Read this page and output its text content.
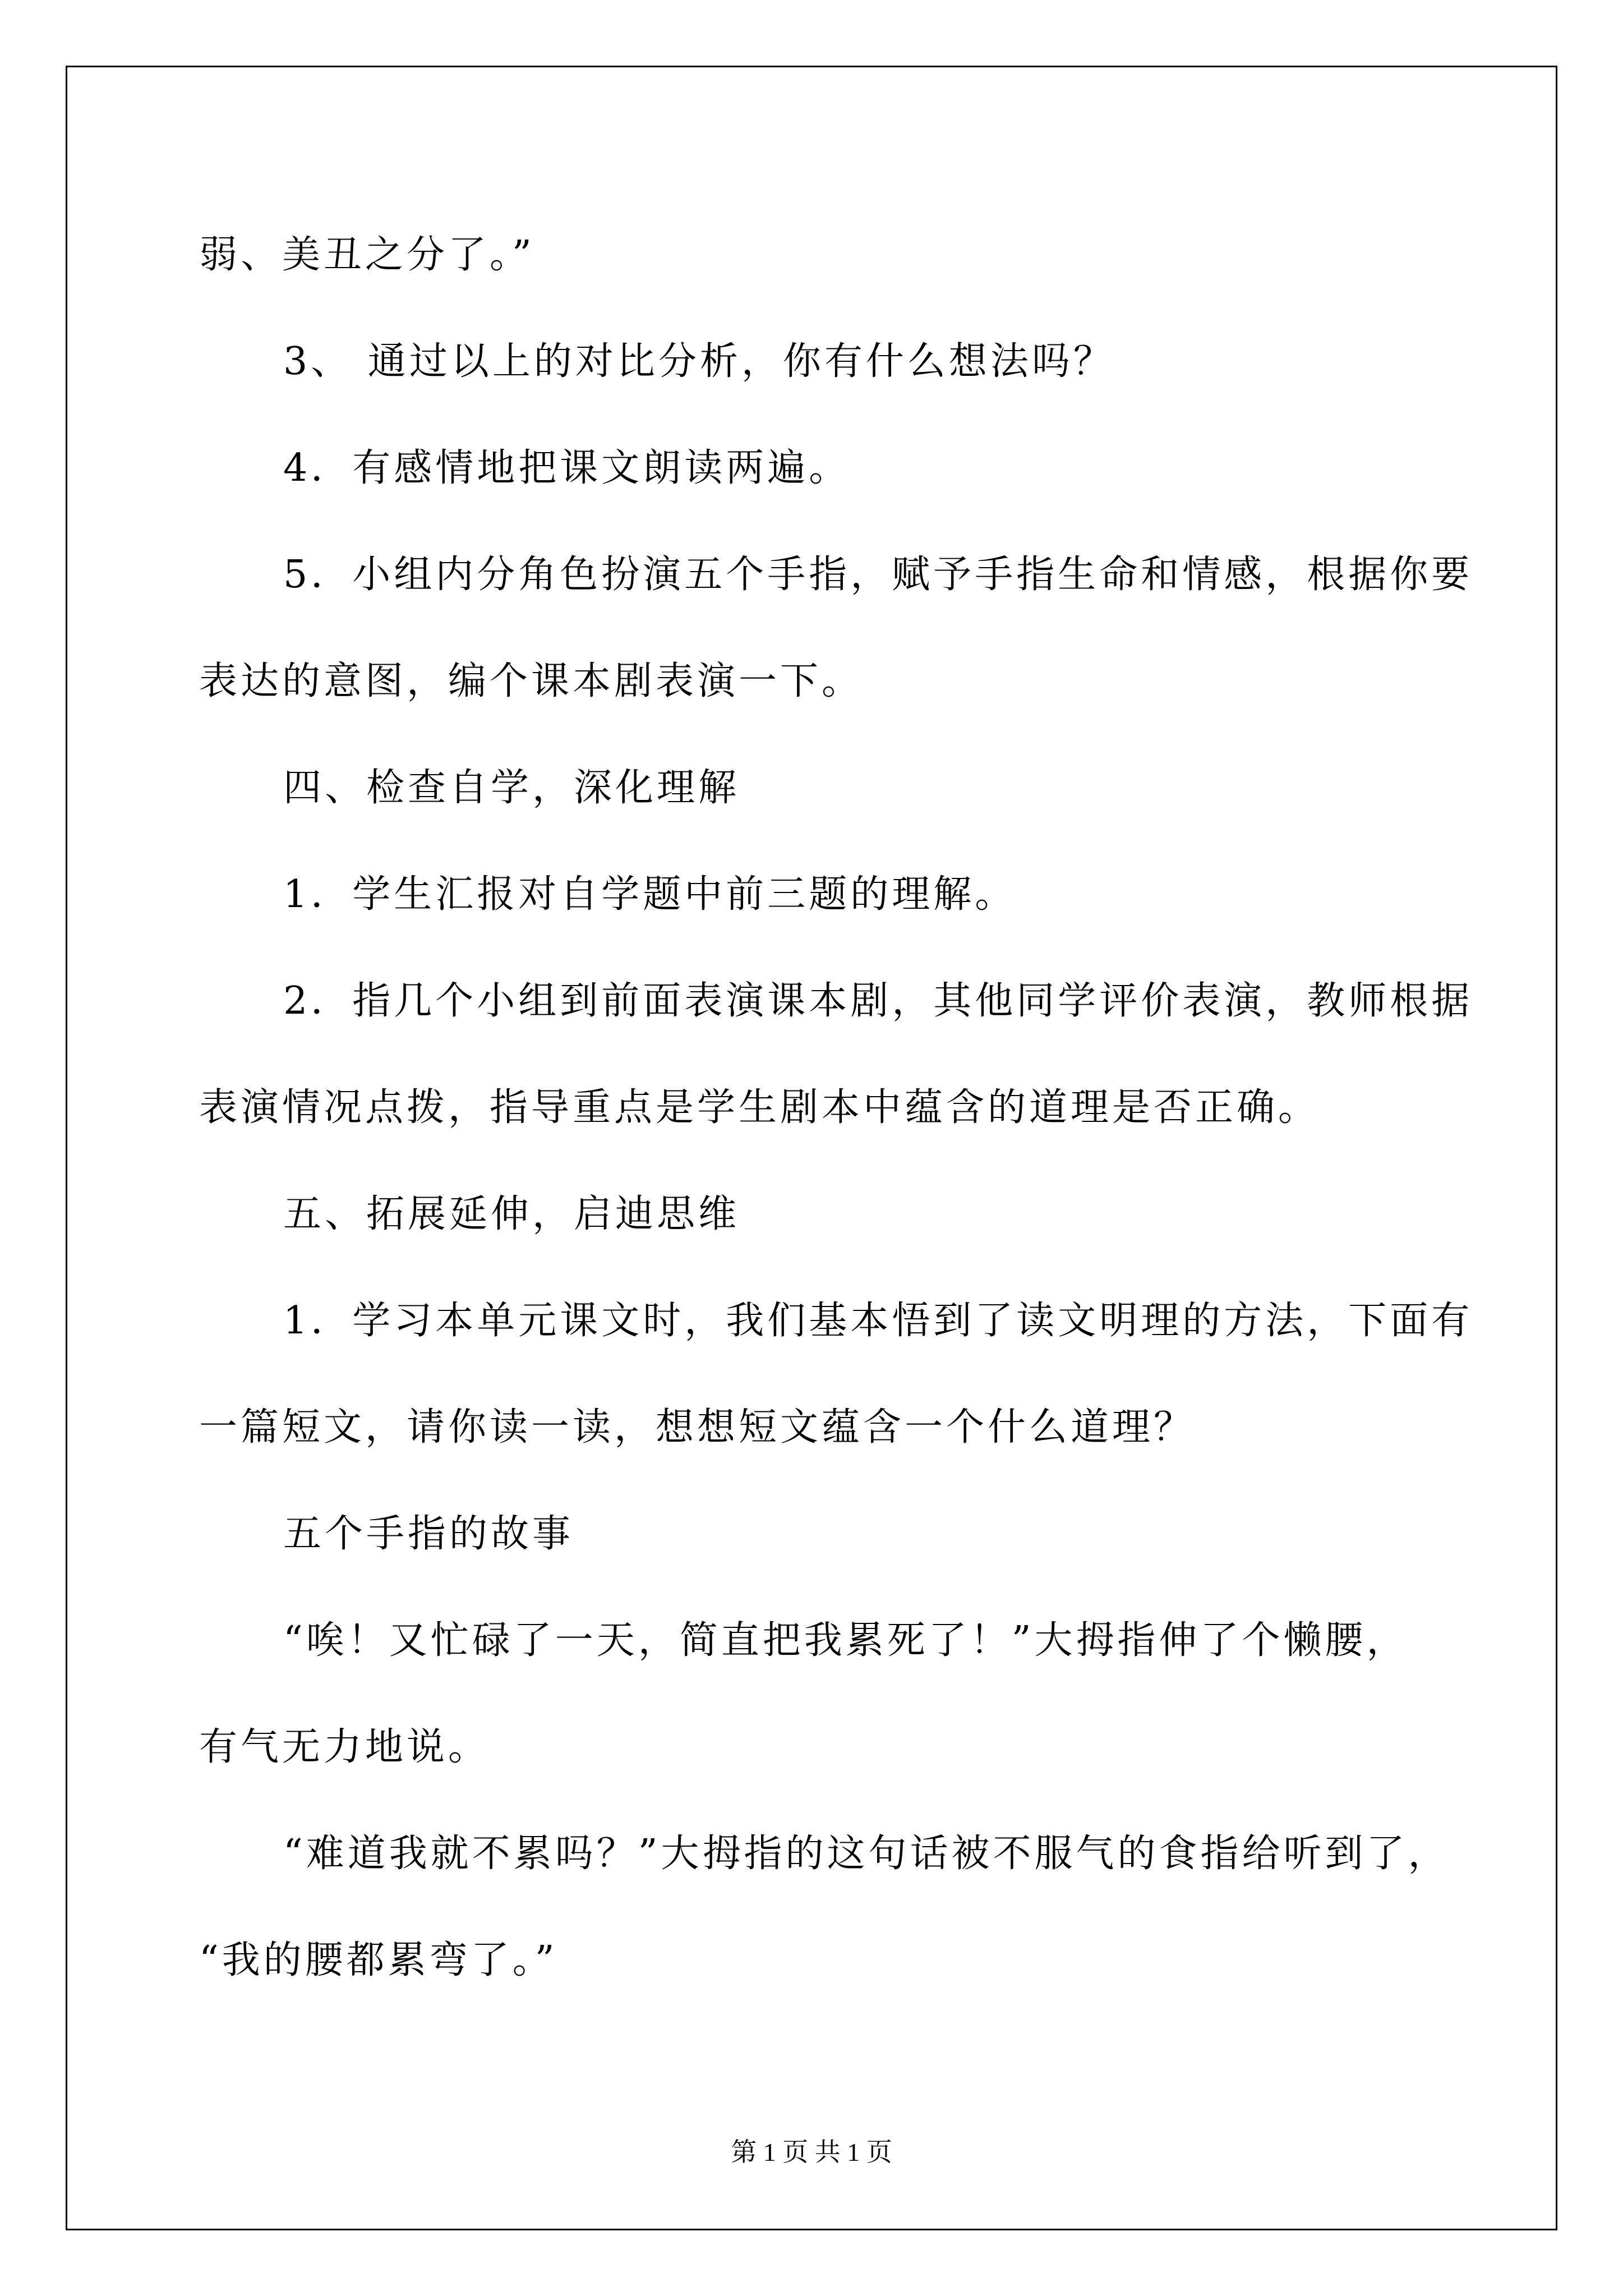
弱、美丑之分了。”

3、 通过以上的对比分析，你有什么想法吗？

4．有感情地把课文朗读两遍。

5．小组内分角色扮演五个手指，赋予手指生命和情感，根据你要

表达的意图，编个课本剧表演一下。

四、检查自学，深化理解

1．学生汇报对自学题中前三题的理解。

2．指几个小组到前面表演课本剧，其他同学评价表演，教师根据

表演情况点拨，指导重点是学生剧本中蕴含的道理是否正确。

五、拓展延伸，启迪思维

1．学习本单元课文时，我们基本悟到了读文明理的方法，下面有

一篇短文，请你读一读，想想短文蕴含一个什么道理？

五个手指的故事

“唉！又忙碌了一天，简直把我累死了！”大拇指伸了个懒腰，

有气无力地说。

“难道我就不累吗？”大拇指的这句话被不服气的食指给听到了，

“我的腰都累弯了。”

第 1 页 共 1 页
